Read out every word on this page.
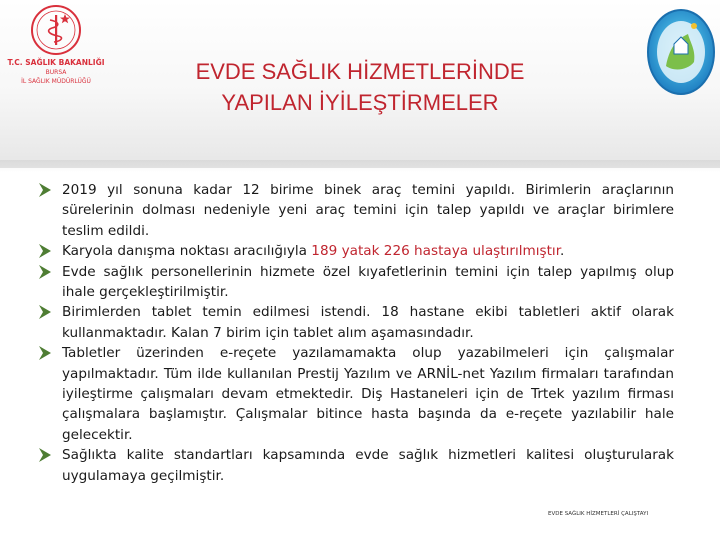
T.C. SAĞLIK BAKANLIĞI
BURSA
İL SAĞLIK MÜDÜRLÜĞÜ	EVDE SAĞLIK HİZMETLERİNDE
YAPILAN İYİLEŞTİRMELER
2019 yıl sonuna kadar 12 birime binek araç temini yapıldı. Birimlerin araçlarının sürelerinin dolması nedeniyle yeni araç temini için talep yapıldı ve araçlar birimlere teslim edildi.
Karyola danışma noktası aracılığıyla 189 yatak 226 hastaya ulaştırılmıştır.
Evde sağlık personellerinin hizmete özel kıyafetlerinin temini için talep yapılmış olup ihale gerçekleştirilmiştir.
Birimlerden tablet temin edilmesi istendi. 18 hastane ekibi tabletleri aktif olarak kullanmaktadır. Kalan 7 birim için tablet alım aşamasındadır.
Tabletler üzerinden e-reçete yazılamamakta olup yazabilmeleri için çalışmalar yapılmaktadır. Tüm ilde kullanılan Prestij Yazılım ve ARNİL-net Yazılım firmaları tarafından iyileştirme çalışmaları devam etmektedir. Diş Hastaneleri için de Trtek yazılım firması çalışmalara başlamıştır. Çalışmalar bitince hasta başında da e-reçete yazılabilir hale gelecektir.
Sağlıkta kalite standartları kapsamında evde sağlık hizmetleri kalitesi oluşturularak uygulamaya geçilmiştir.
EVDE SAĞLIK HİZMETLERİ ÇALIŞTAYI
